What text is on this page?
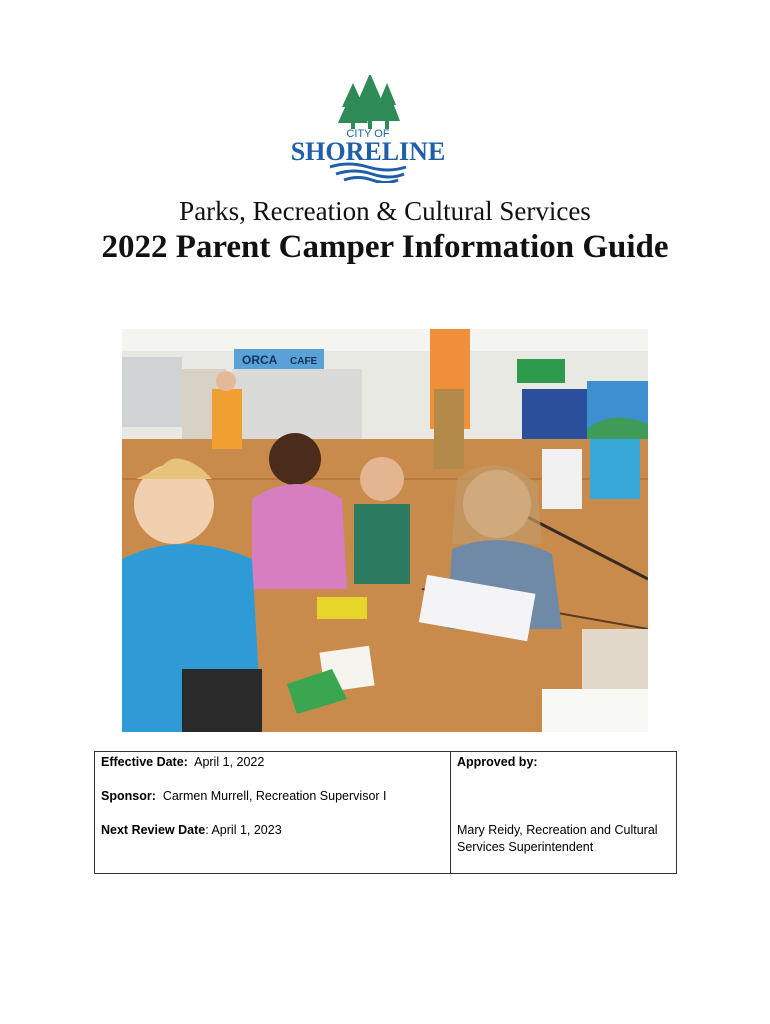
CITY OF
SHORELINE
Parks, Recreation & Cultural Services
2022 Parent Camper Information Guide
ORCA CAFE
Effective Date: April 1, 2022
Sponsor: Carmen Murrell, Recreation Supervisor I
Next Review Date: April 1, 2023

Approved by:
Mary Reidy, Recreation and Cultural
Services Superintendent
